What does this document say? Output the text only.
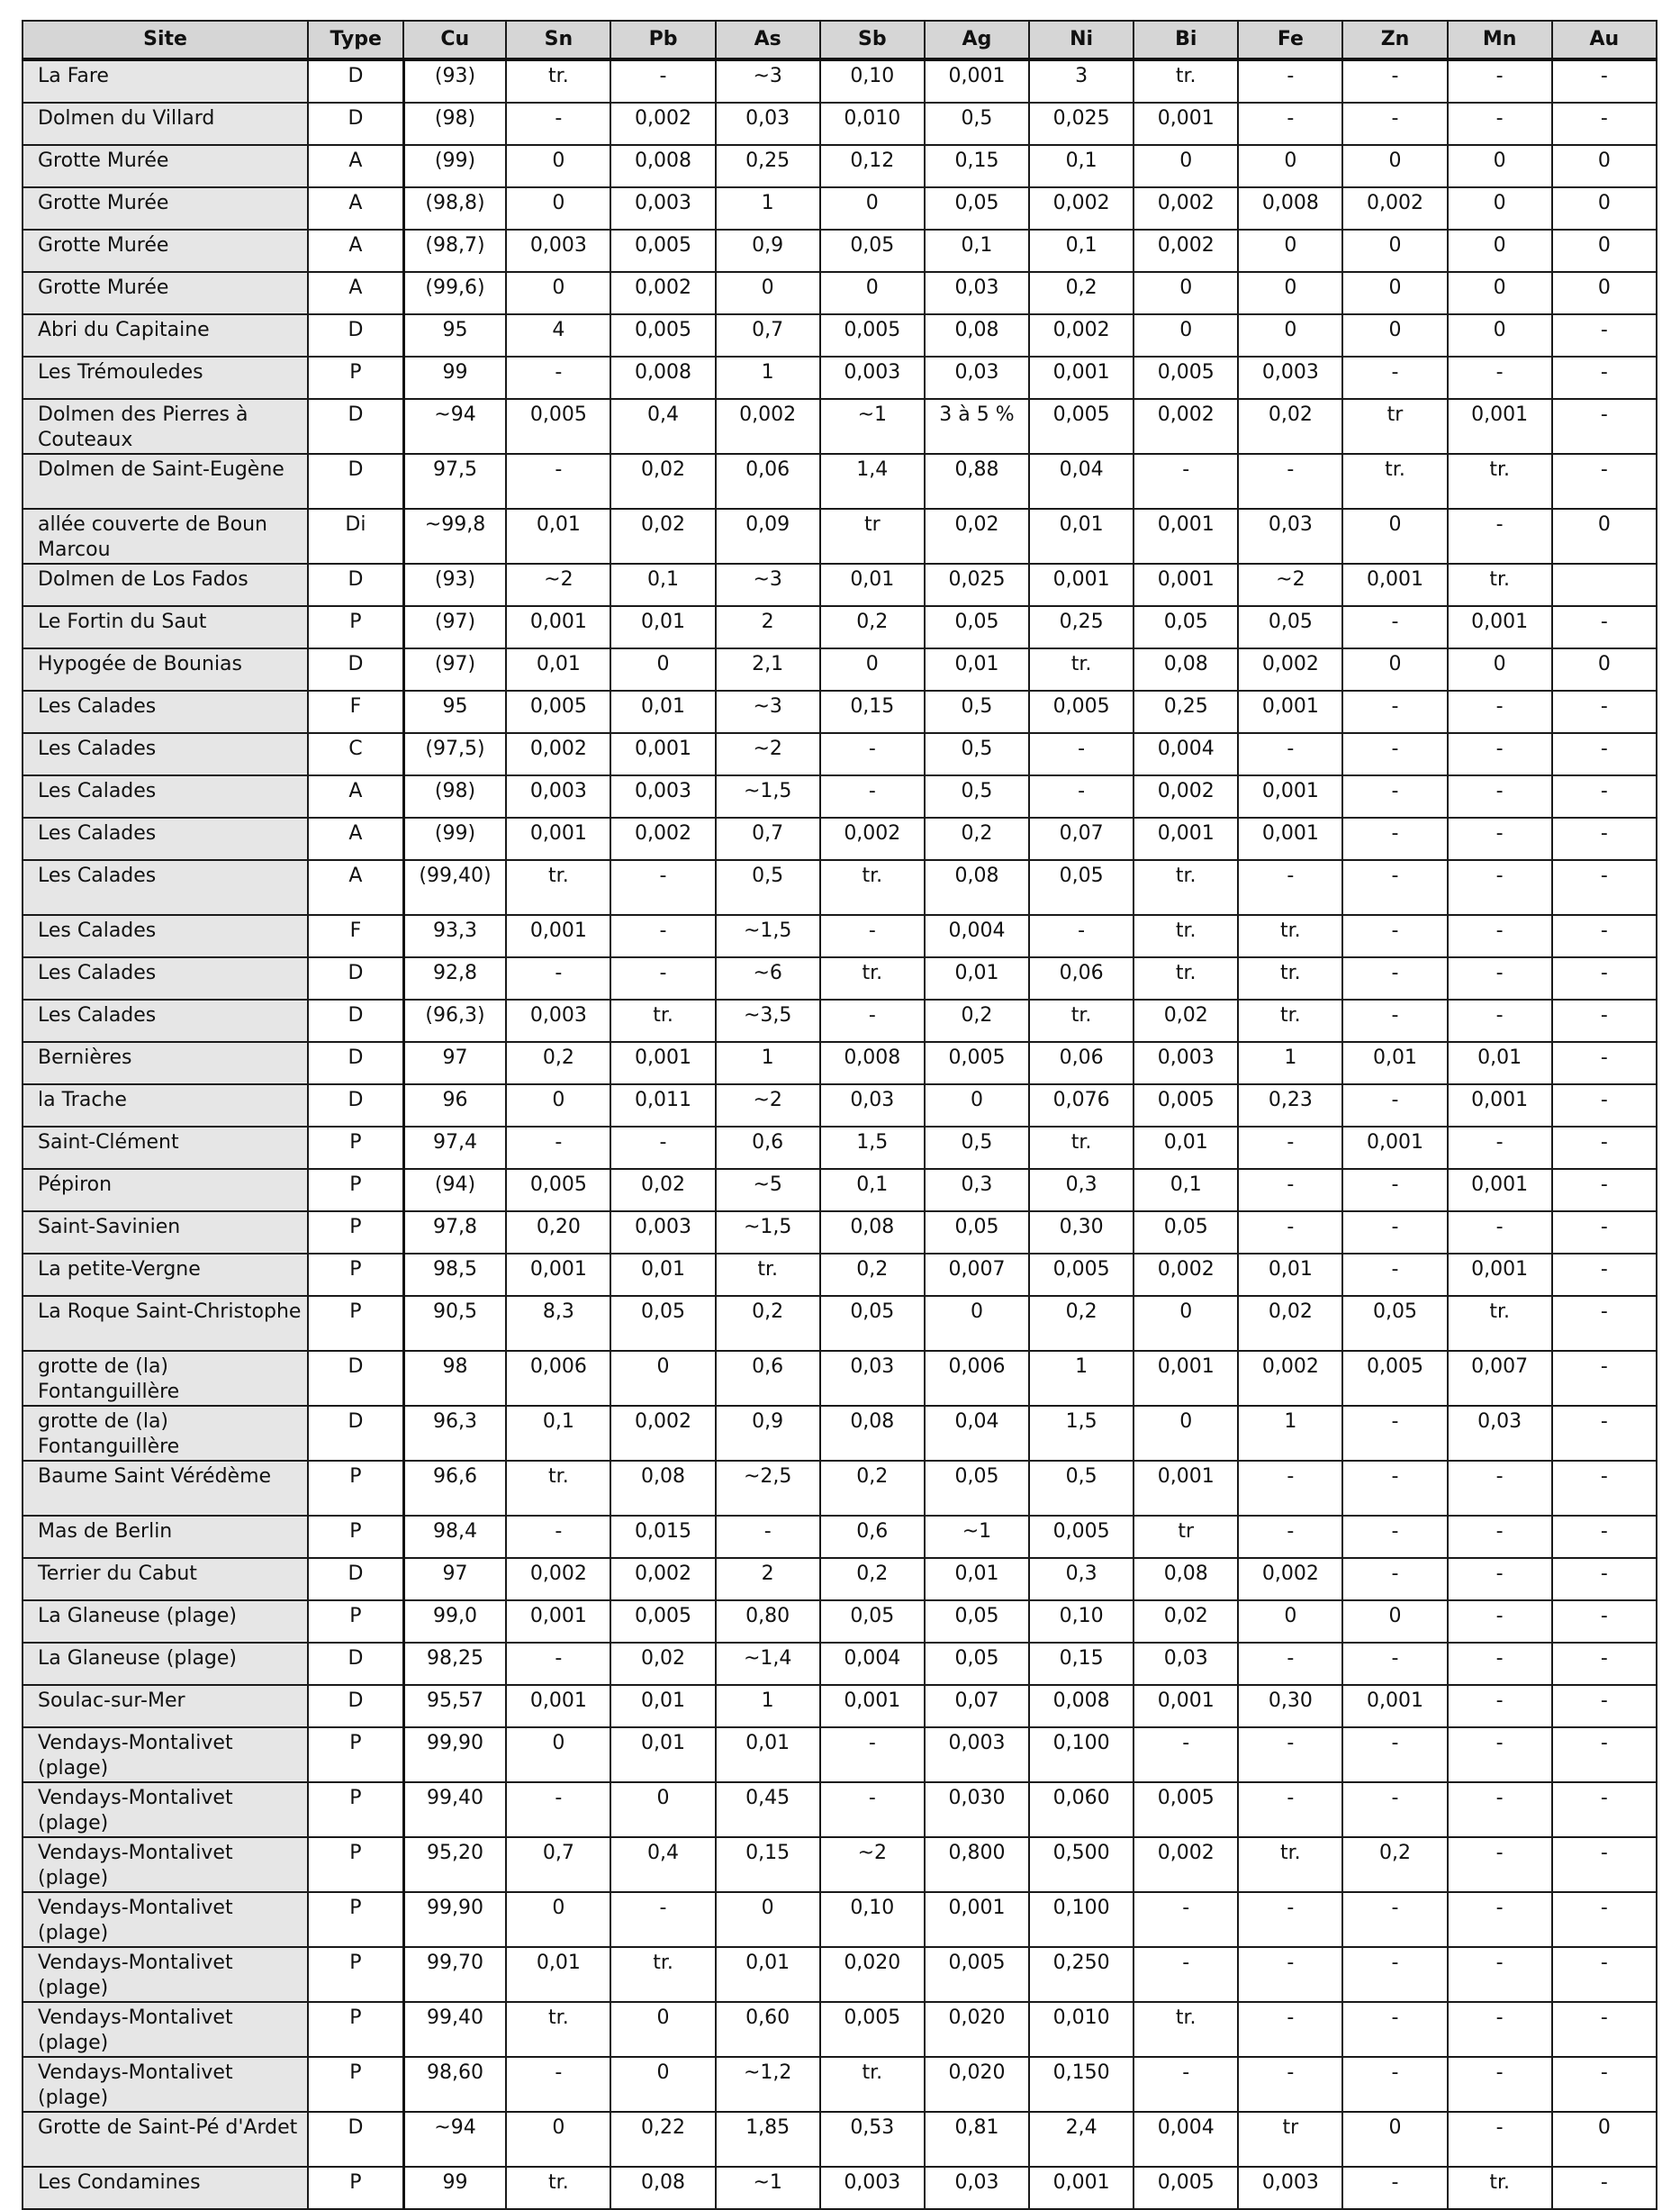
Site	Type	Cu	Sn	Pb	As	Sb	Ag	Ni	Bi	Fe	Zn	Mn	Au
La Fare	D	(93)	tr.	-	~3	0,10	0,001	3	tr.	-	-	-	-
Dolmen du Villard	D	(98)	-	0,002	0,03	0,010	0,5	0,025	0,001	-	-	-	-
Grotte Murée	A	(99)	0	0,008	0,25	0,12	0,15	0,1	0	0	0	0	0
Grotte Murée	A	(98,8)	0	0,003	1	0	0,05	0,002	0,002	0,008	0,002	0	0
Grotte Murée	A	(98,7)	0,003	0,005	0,9	0,05	0,1	0,1	0,002	0	0	0	0
Grotte Murée	A	(99,6)	0	0,002	0	0	0,03	0,2	0	0	0	0	0
Abri du Capitaine	D	95	4	0,005	0,7	0,005	0,08	0,002	0	0	0	0	-
Les Trémouledes	P	99	-	0,008	1	0,003	0,03	0,001	0,005	0,003	-	-	-
Dolmen des Pierres à Couteaux	D	~94	0,005	0,4	0,002	~1	3 à 5 %	0,005	0,002	0,02	tr	0,001	-
Dolmen de Saint-Eugène	D	97,5	-	0,02	0,06	1,4	0,88	0,04	-	-	tr.	tr.	-
allée couverte de Boun Marcou	Di	~99,8	0,01	0,02	0,09	tr	0,02	0,01	0,001	0,03	0	-	0
Dolmen de Los Fados	D	(93)	~2	0,1	~3	0,01	0,025	0,001	0,001	~2	0,001	tr.	
Le Fortin du Saut	P	(97)	0,001	0,01	2	0,2	0,05	0,25	0,05	0,05	-	0,001	-
Hypogée de Bounias	D	(97)	0,01	0	2,1	0	0,01	tr.	0,08	0,002	0	0	0
Les Calades	F	95	0,005	0,01	~3	0,15	0,5	0,005	0,25	0,001	-	-	-
Les Calades	C	(97,5)	0,002	0,001	~2	-	0,5	-	0,004	-	-	-	-
Les Calades	A	(98)	0,003	0,003	~1,5	-	0,5	-	0,002	0,001	-	-	-
Les Calades	A	(99)	0,001	0,002	0,7	0,002	0,2	0,07	0,001	0,001	-	-	-
Les Calades	A	(99,40)	tr.	-	0,5	tr.	0,08	0,05	tr.	-	-	-	-
Les Calades	F	93,3	0,001	-	~1,5	-	0,004	-	tr.	tr.	-	-	-
Les Calades	D	92,8	-	-	~6	tr.	0,01	0,06	tr.	tr.	-	-	-
Les Calades	D	(96,3)	0,003	tr.	~3,5	-	0,2	tr.	0,02	tr.	-	-	-
Bernières	D	97	0,2	0,001	1	0,008	0,005	0,06	0,003	1	0,01	0,01	-
la Trache	D	96	0	0,011	~2	0,03	0	0,076	0,005	0,23	-	0,001	-
Saint-Clément	P	97,4	-	-	0,6	1,5	0,5	tr.	0,01	-	0,001	-	-
Pépiron	P	(94)	0,005	0,02	~5	0,1	0,3	0,3	0,1	-	-	0,001	-
Saint-Savinien	P	97,8	0,20	0,003	~1,5	0,08	0,05	0,30	0,05	-	-	-	-
La petite-Vergne	P	98,5	0,001	0,01	tr.	0,2	0,007	0,005	0,002	0,01	-	0,001	-
La Roque Saint-Christophe	P	90,5	8,3	0,05	0,2	0,05	0	0,2	0	0,02	0,05	tr.	-
grotte de (la) Fontanguillère	D	98	0,006	0	0,6	0,03	0,006	1	0,001	0,002	0,005	0,007	-
grotte de (la) Fontanguillère	D	96,3	0,1	0,002	0,9	0,08	0,04	1,5	0	1	-	0,03	-
Baume Saint Vérédème	P	96,6	tr.	0,08	~2,5	0,2	0,05	0,5	0,001	-	-	-	-
Mas de Berlin	P	98,4	-	0,015	-	0,6	~1	0,005	tr	-	-	-	-
Terrier du Cabut	D	97	0,002	0,002	2	0,2	0,01	0,3	0,08	0,002	-	-	-
La Glaneuse (plage)	P	99,0	0,001	0,005	0,80	0,05	0,05	0,10	0,02	0	0	-	-
La Glaneuse (plage)	D	98,25	-	0,02	~1,4	0,004	0,05	0,15	0,03	-	-	-	-
Soulac-sur-Mer	D	95,57	0,001	0,01	1	0,001	0,07	0,008	0,001	0,30	0,001	-	-
Vendays-Montalivet (plage)	P	99,90	0	0,01	0,01	-	0,003	0,100	-	-	-	-	-
Vendays-Montalivet (plage)	P	99,40	-	0	0,45	-	0,030	0,060	0,005	-	-	-	-
Vendays-Montalivet (plage)	P	95,20	0,7	0,4	0,15	~2	0,800	0,500	0,002	tr.	0,2	-	-
Vendays-Montalivet (plage)	P	99,90	0	-	0	0,10	0,001	0,100	-	-	-	-	-
Vendays-Montalivet (plage)	P	99,70	0,01	tr.	0,01	0,020	0,005	0,250	-	-	-	-	-
Vendays-Montalivet (plage)	P	99,40	tr.	0	0,60	0,005	0,020	0,010	tr.	-	-	-	-
Vendays-Montalivet (plage)	P	98,60	-	0	~1,2	tr.	0,020	0,150	-	-	-	-	-
Grotte de Saint-Pé d'Ardet	D	~94	0	0,22	1,85	0,53	0,81	2,4	0,004	tr	0	-	0
Les Condamines	P	99	tr.	0,08	~1	0,003	0,03	0,001	0,005	0,003	-	tr.	-
